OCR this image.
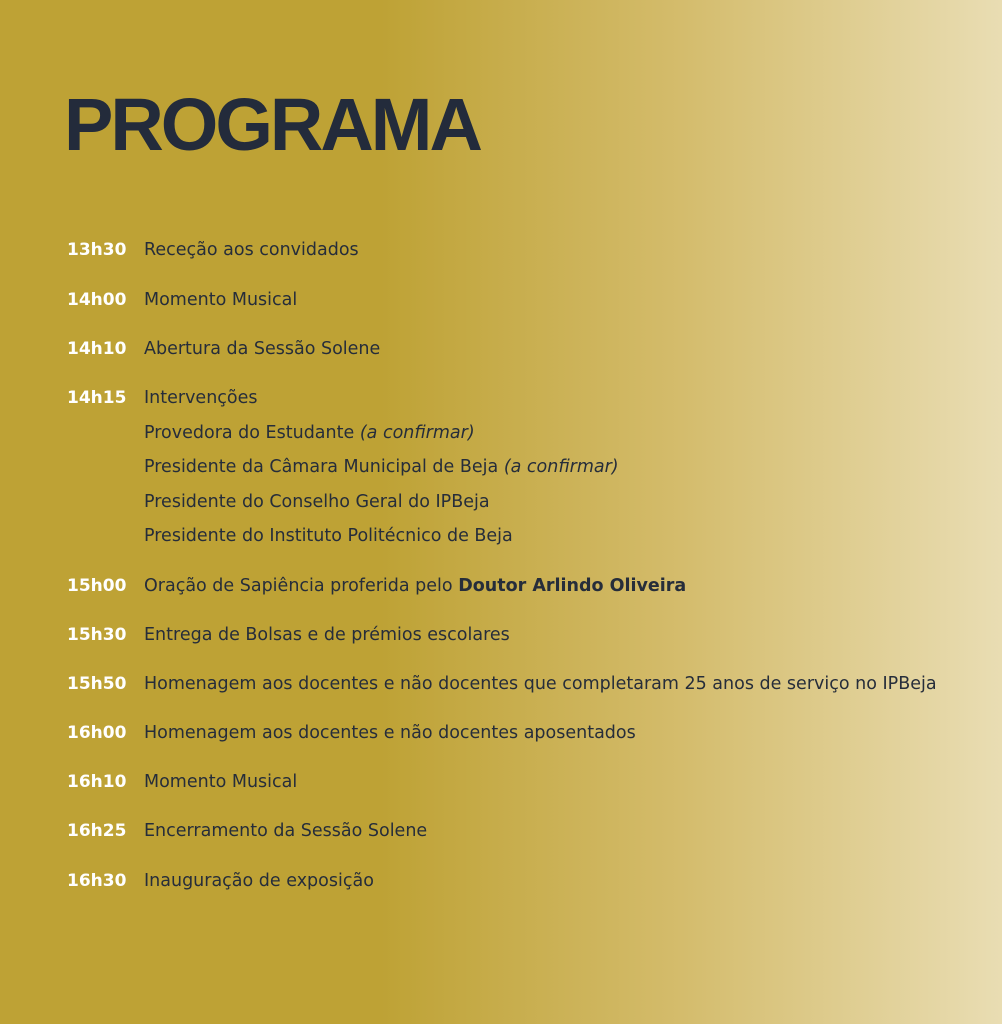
PROGRAMA
13h30 Receção aos convidados
14h00 Momento Musical
14h10 Abertura da Sessão Solene
14h15 Intervenções
Provedora do Estudante (a confirmar)
Presidente da Câmara Municipal de Beja (a confirmar)
Presidente do Conselho Geral do IPBeja
Presidente do Instituto Politécnico de Beja
15h00 Oração de Sapiência proferida pelo Doutor Arlindo Oliveira
15h30 Entrega de Bolsas e de prémios escolares
15h50 Homenagem aos docentes e não docentes que completaram 25 anos de serviço no IPBeja
16h00 Homenagem aos docentes e não docentes aposentados
16h10 Momento Musical
16h25 Encerramento da Sessão Solene
16h30 Inauguração de exposição
